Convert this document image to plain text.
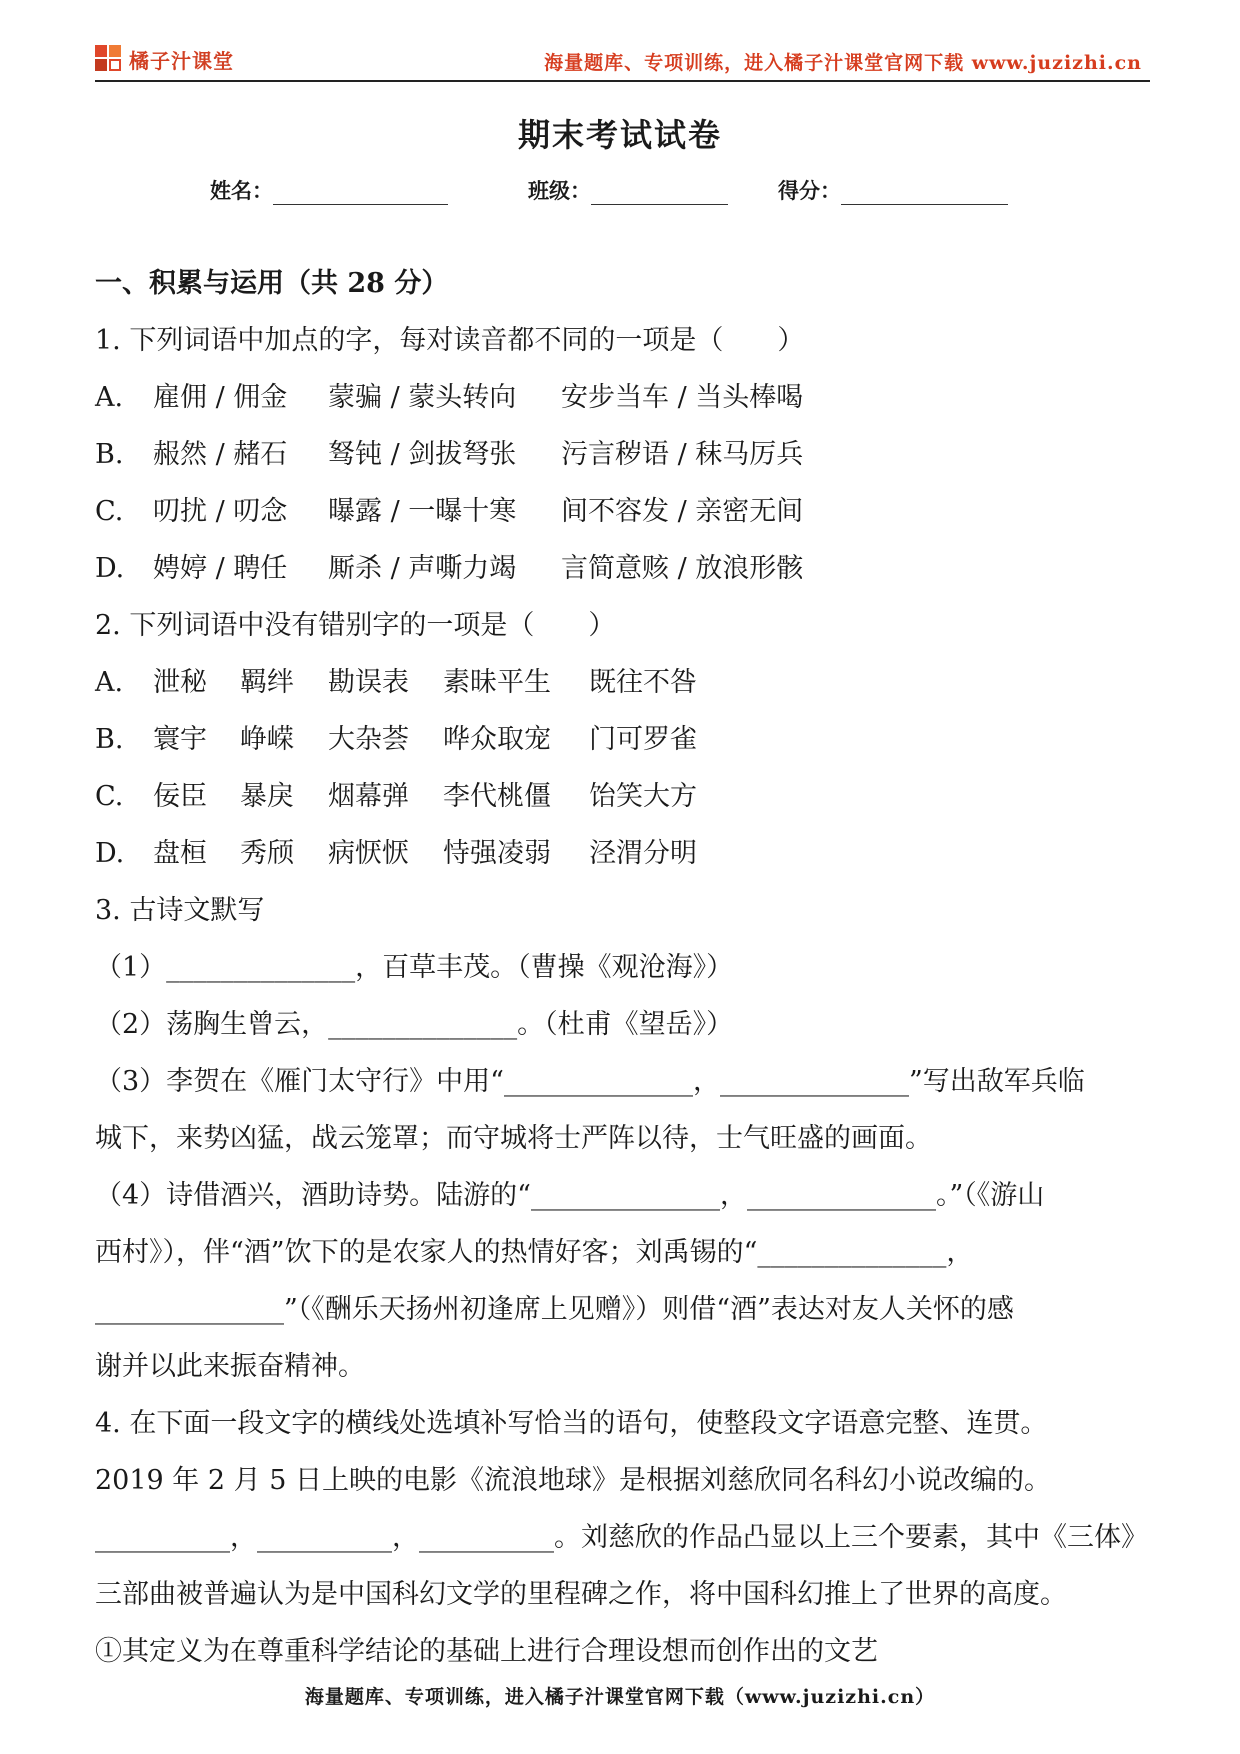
橘子汁课堂	海量题库、专项训练，进入橘子汁课堂官网下载 www.juzizhi.cn
期末考试试卷
姓名：	班级：	得分：
一、积累与运用（共 28 分）
1. 下列词语中加点的字，每对读音都不同的一项是（　　）
A. 雇佣 / 佣金 蒙骗 / 蒙头转向 安步当车 / 当头棒喝
B. 赧然 / 赭石 驽钝 / 剑拔弩张 污言秽语 / 秣马厉兵
C. 叨扰 / 叨念 曝露 / 一曝十寒 间不容发 / 亲密无间
D. 娉婷 / 聘任 厮杀 / 声嘶力竭 言简意赅 / 放浪形骸
2. 下列词语中没有错别字的一项是（　　）
A. 泄秘 羁绊 勘误表 素昧平生 既往不咎
B. 寰宇 峥嵘 大杂荟 哗众取宠 门可罗雀
C. 佞臣 暴戾 烟幕弹 李代桃僵 饴笑大方
D. 盘桓 秀颀 病恹恹 恃强凌弱 泾渭分明
3. 古诗文默写
（1）______________，百草丰茂。（曹操《观沧海》）
（2）荡胸生曾云，______________。（杜甫《望岳》）
（3）李贺在《雁门太守行》中用“______________，______________”写出敌军兵临
城下，来势凶猛，战云笼罩；而守城将士严阵以待，士气旺盛的画面。
（4）诗借酒兴，酒助诗势。陆游的“______________，______________。”（《游山
西村》），伴“酒”饮下的是农家人的热情好客；刘禹锡的“______________，
______________”（《酬乐天扬州初逢席上见赠》）则借“酒”表达对友人关怀的感
谢并以此来振奋精神。
4. 在下面一段文字的横线处选填补写恰当的语句，使整段文字语意完整、连贯。
2019 年 2 月 5 日上映的电影《流浪地球》是根据刘慈欣同名科幻小说改编的。
__________，__________，__________。刘慈欣的作品凸显以上三个要素，其中《三体》
三部曲被普遍认为是中国科幻文学的里程碑之作，将中国科幻推上了世界的高度。
①其定义为在尊重科学结论的基础上进行合理设想而创作出的文艺
海量题库、专项训练，进入橘子汁课堂官网下载（www.juzizhi.cn）
